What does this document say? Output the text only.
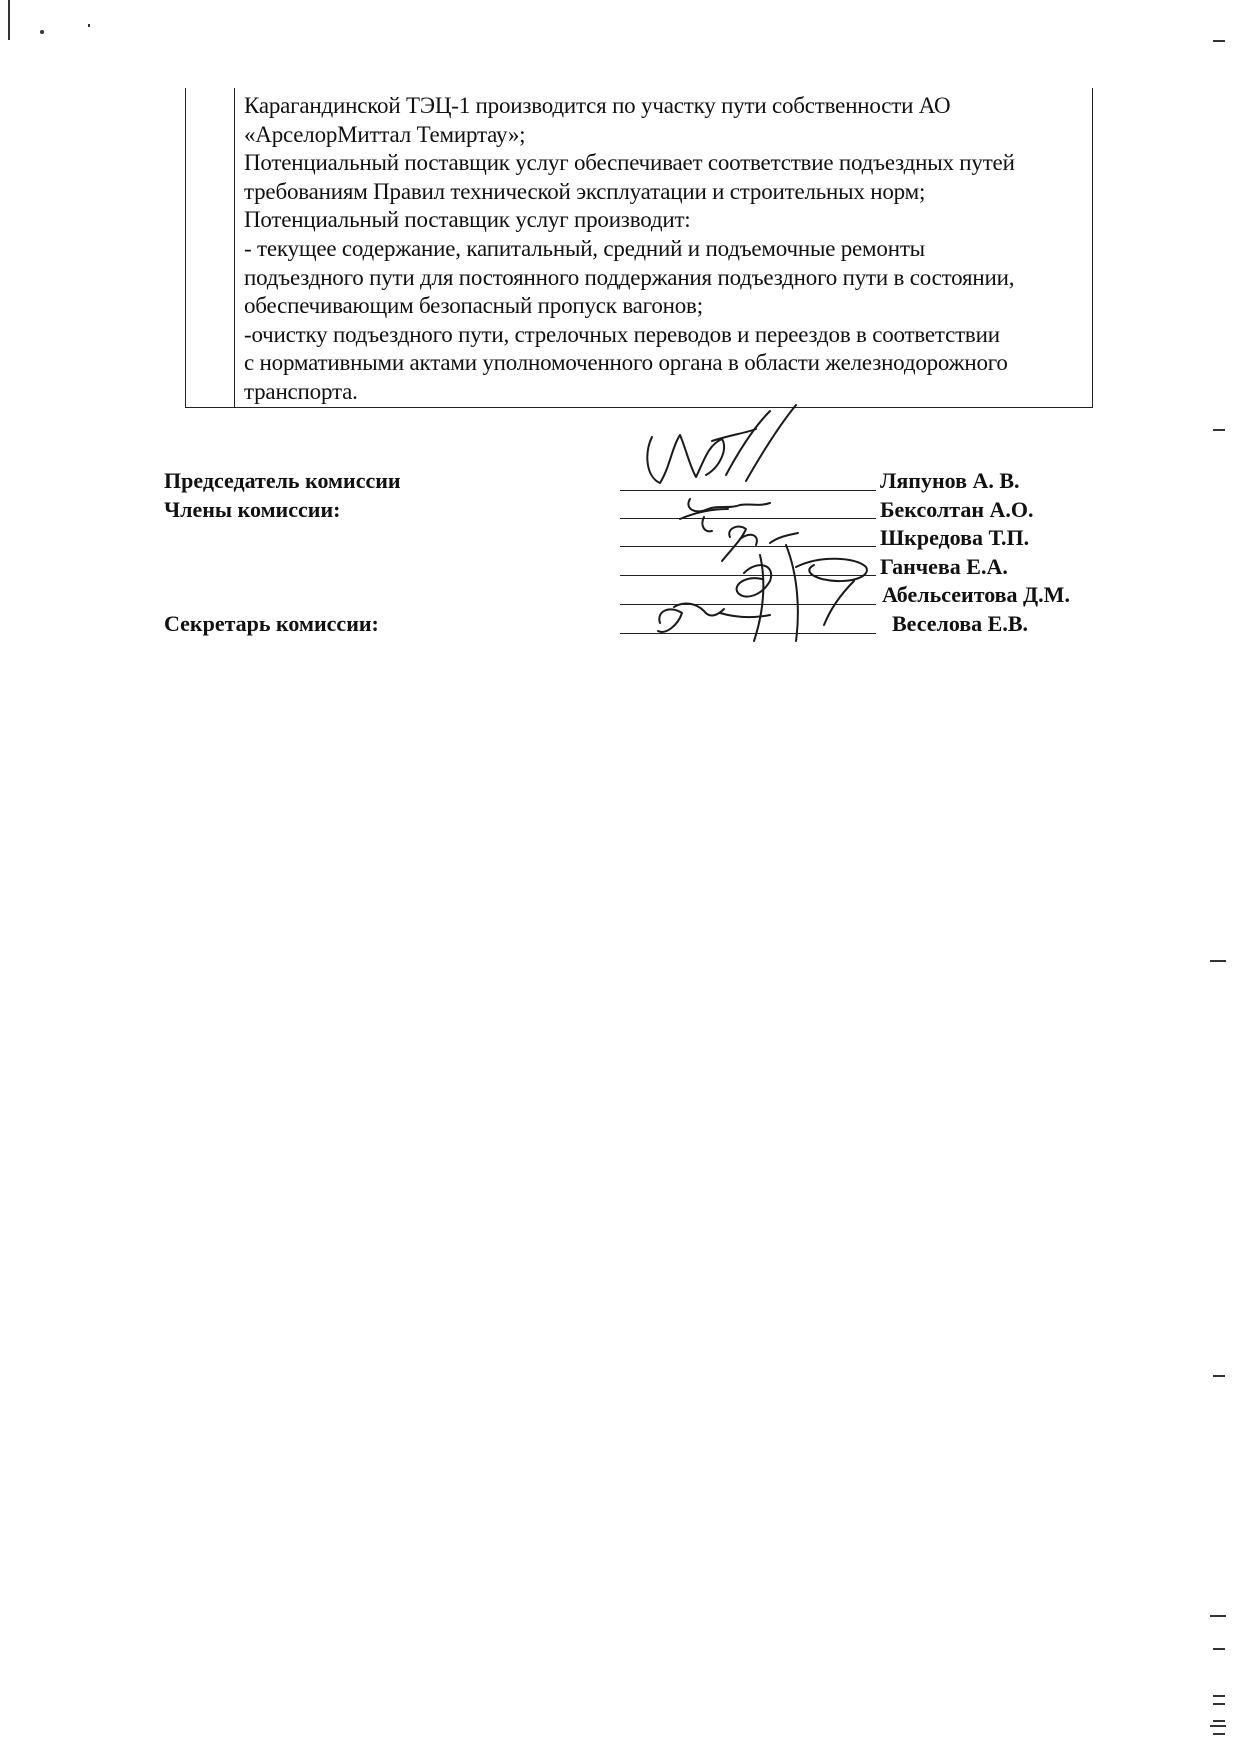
Карагандинской ТЭЦ-1 производится по участку пути собственности АО
«АрселорМиттал Темиртау»;
Потенциальный поставщик услуг обеспечивает соответствие подъездных путей
требованиям Правил технической эксплуатации и строительных норм;
Потенциальный поставщик услуг производит:
- текущее содержание, капитальный, средний и подъемочные ремонты
подъездного пути для постоянного поддержания подъездного пути в состоянии,
обеспечивающим безопасный пропуск вагонов;
-очистку подъездного пути, стрелочных переводов и переездов в соответствии
с нормативными актами уполномоченного органа в области железнодорожного
транспорта.
Председатель комиссии
Члены комиссии:
Секретарь комиссии:
Ляпунов А. В.
Бексолтан А.О.
Шкредова Т.П.
Ганчева Е.А.
Абельсеитова Д.М.
Веселова Е.В.
